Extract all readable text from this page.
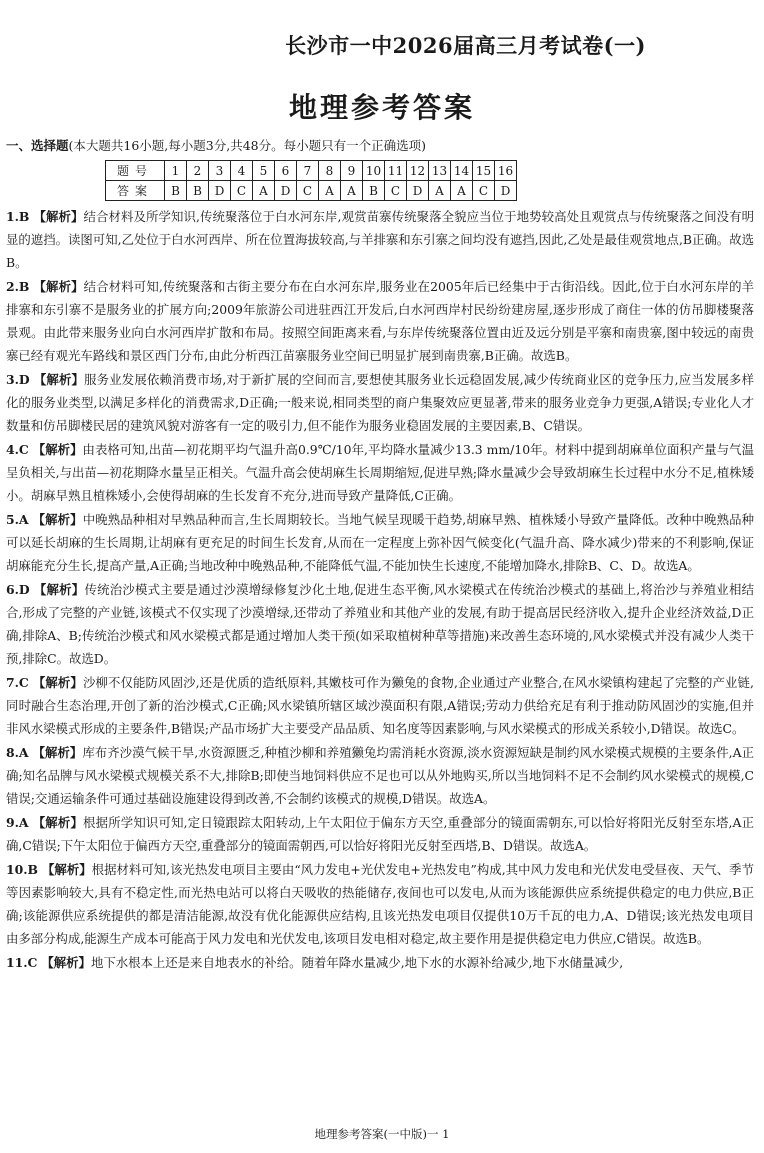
长沙市一中2026届高三月考试卷(一)
地理参考答案
一、选择题(本大题共16小题,每小题3分,共48分。每小题只有一个正确选项)
题号	1	2	3	4	5	6	7	8	9	10	11	12	13	14	15	16
答案	B	B	D	C	A	D	C	A	A	B	C	D	A	A	C	D

1.B 【解析】结合材料及所学知识,传统聚落位于白水河东岸,观赏苗寨传统聚落全貌应当位于地势较高处且观赏点与传统聚落之间没有明显的遮挡。读图可知,乙处位于白水河西岸、所在位置海拔较高,与羊排寨和东引寨之间均没有遮挡,因此,乙处是最佳观赏地点,B正确。故选B。

2.B 【解析】结合材料可知,传统聚落和古街主要分布在白水河东岸,服务业在2005年后已经集中于古街沿线。因此,位于白水河东岸的羊排寨和东引寨不是服务业的扩展方向;2009年旅游公司进驻西江开发后,白水河西岸村民纷纷建房屋,逐步形成了商住一体的仿吊脚楼聚落景观。由此带来服务业向白水河西岸扩散和布局。按照空间距离来看,与东岸传统聚落位置由近及远分别是平寨和南贵寨,图中较远的南贵寨已经有观光车路线和景区西门分布,由此分析西江苗寨服务业空间已明显扩展到南贵寨,B正确。故选B。

3.D 【解析】服务业发展依赖消费市场,对于新扩展的空间而言,要想使其服务业长远稳固发展,减少传统商业区的竞争压力,应当发展多样化的服务业类型,以满足多样化的消费需求,D正确;一般来说,相同类型的商户集聚效应更显著,带来的服务业竞争力更强,A错误;专业化人才数量和仿吊脚楼民居的建筑风貌对游客有一定的吸引力,但不能作为服务业稳固发展的主要因素,B、C错误。

4.C 【解析】由表格可知,出苗—初花期平均气温升高0.9℃/10年,平均降水量减少13.3 mm/10年。材料中提到胡麻单位面积产量与气温呈负相关,与出苗—初花期降水量呈正相关。气温升高会使胡麻生长周期缩短,促进早熟;降水量减少会导致胡麻生长过程中水分不足,植株矮小。胡麻早熟且植株矮小,会使得胡麻的生长发育不充分,进而导致产量降低,C正确。

5.A 【解析】中晚熟品种相对早熟品种而言,生长周期较长。当地气候呈现暖干趋势,胡麻早熟、植株矮小导致产量降低。改种中晚熟品种可以延长胡麻的生长周期,让胡麻有更充足的时间生长发育,从而在一定程度上弥补因气候变化(气温升高、降水减少)带来的不利影响,保证胡麻能充分生长,提高产量,A正确;当地改种中晚熟品种,不能降低气温,不能加快生长速度,不能增加降水,排除B、C、D。故选A。

6.D 【解析】传统治沙模式主要是通过沙漠增绿修复沙化土地,促进生态平衡,风水梁模式在传统治沙模式的基础上,将治沙与养殖业相结合,形成了完整的产业链,该模式不仅实现了沙漠增绿,还带动了养殖业和其他产业的发展,有助于提高居民经济收入,提升企业经济效益,D正确,排除A、B;传统治沙模式和风水梁模式都是通过增加人类干预(如采取植树种草等措施)来改善生态环境的,风水梁模式并没有减少人类干预,排除C。故选D。

7.C 【解析】沙柳不仅能防风固沙,还是优质的造纸原料,其嫩枝可作为獭兔的食物,企业通过产业整合,在风水梁镇构建起了完整的产业链,同时融合生态治理,开创了新的治沙模式,C正确;风水梁镇所辖区域沙漠面积有限,A错误;劳动力供给充足有利于推动防风固沙的实施,但并非风水梁模式形成的主要条件,B错误;产品市场扩大主要受产品品质、知名度等因素影响,与风水梁模式的形成关系较小,D错误。故选C。

8.A 【解析】库布齐沙漠气候干旱,水资源匮乏,种植沙柳和养殖獭兔均需消耗水资源,淡水资源短缺是制约风水梁模式规模的主要条件,A正确;知名品牌与风水梁模式规模关系不大,排除B;即使当地饲料供应不足也可以从外地购买,所以当地饲料不足不会制约风水梁模式的规模,C错误;交通运输条件可通过基础设施建设得到改善,不会制约该模式的规模,D错误。故选A。

9.A 【解析】根据所学知识可知,定日镜跟踪太阳转动,上午太阳位于偏东方天空,重叠部分的镜面需朝东,可以恰好将阳光反射至东塔,A正确,C错误;下午太阳位于偏西方天空,重叠部分的镜面需朝西,可以恰好将阳光反射至西塔,B、D错误。故选A。

10.B 【解析】根据材料可知,该光热发电项目主要由“风力发电+光伏发电+光热发电”构成,其中风力发电和光伏发电受昼夜、天气、季节等因素影响较大,具有不稳定性,而光热电站可以将白天吸收的热能储存,夜间也可以发电,从而为该能源供应系统提供稳定的电力供应,B正确;该能源供应系统提供的都是清洁能源,故没有优化能源供应结构,且该光热发电项目仅提供10万千瓦的电力,A、D错误;该光热发电项目由多部分构成,能源生产成本可能高于风力发电和光伏发电,该项目发电相对稳定,故主要作用是提供稳定电力供应,C错误。故选B。

11.C 【解析】地下水根本上还是来自地表水的补给。随着年降水量减少,地下水的水源补给减少,地下水储量减少,

地理参考答案(一中版)一 1
